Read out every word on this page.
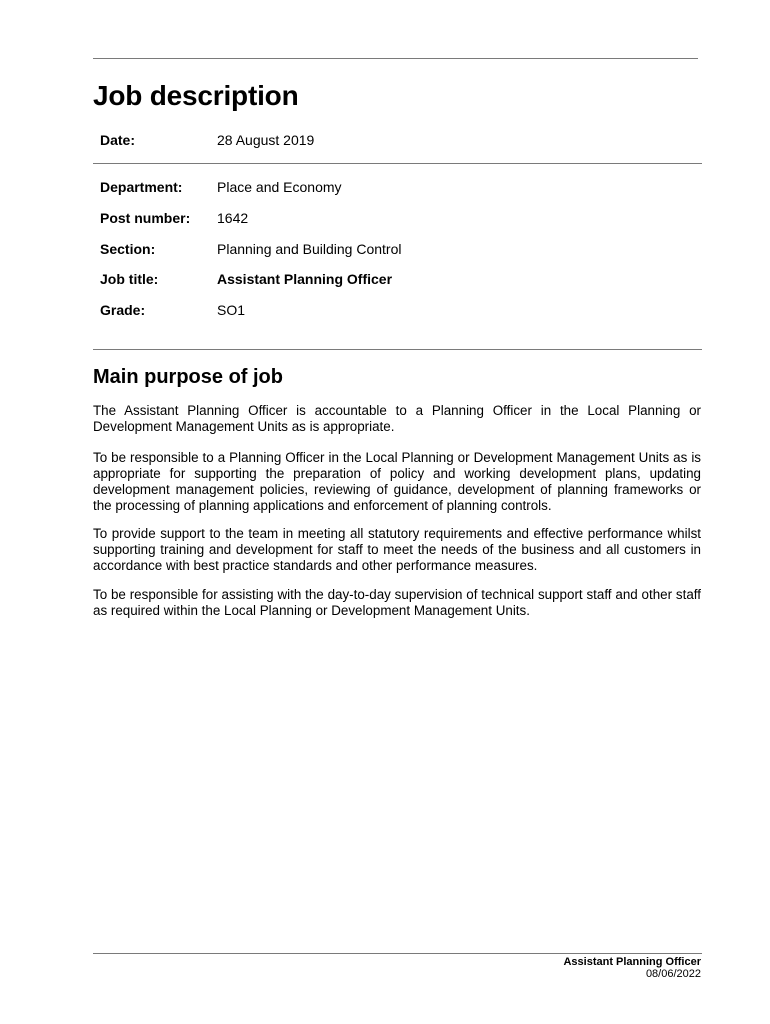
Job description
Date:	28 August 2019
Department: Place and Economy
Post number: 1642
Section:	Planning and Building Control
Job title:	Assistant Planning Officer
Grade:	SO1
Main purpose of job

The Assistant Planning Officer is accountable to a Planning Officer in the Local Planning or Development Management Units as is appropriate.

To be responsible to a Planning Officer in the Local Planning or Development Management Units as is appropriate for supporting the preparation of policy and working development plans, updating development management policies, reviewing of guidance, development of planning frameworks or the processing of planning applications and enforcement of planning controls.

To provide support to the team in meeting all statutory requirements and effective performance whilst supporting training and development for staff to meet the needs of the business and all customers in accordance with best practice standards and other performance measures.

To be responsible for assisting with the day-to-day supervision of technical support staff and other staff as required within the Local Planning or Development Management Units.

Assistant Planning Officer
08/06/2022
